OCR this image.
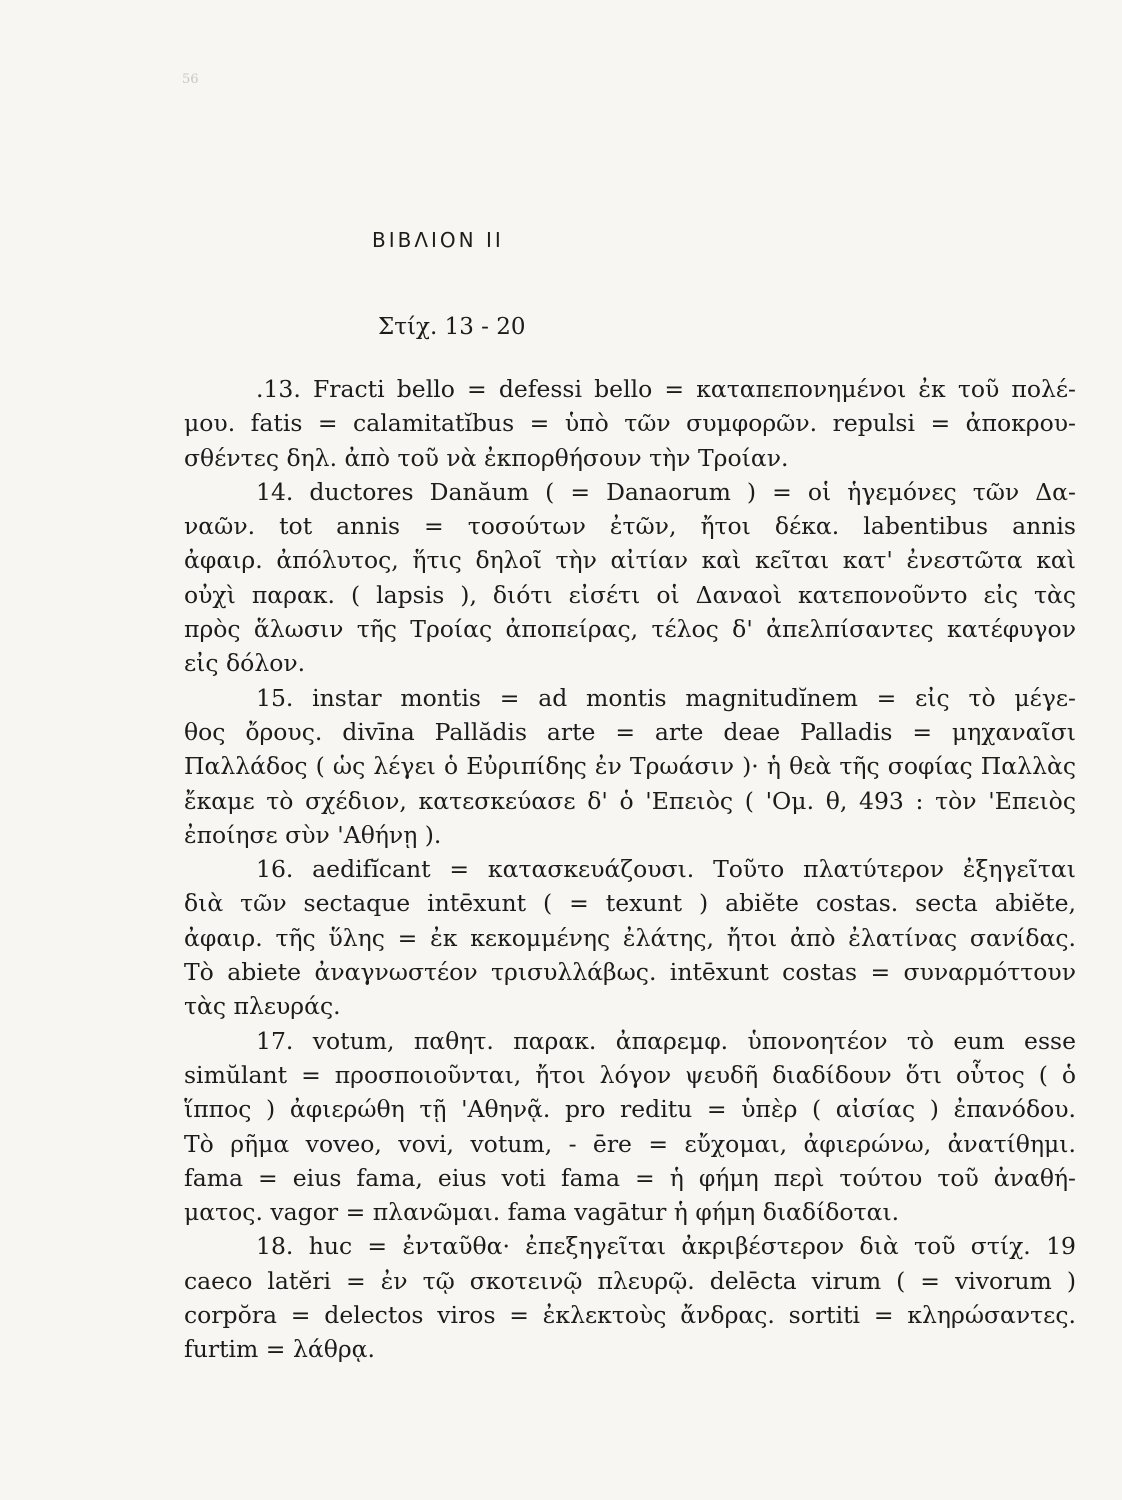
56
ΒΙΒΛΙΟΝ ΙΙ
Στίχ. 13 - 20
.13. Fracti bello = defessi bello = καταπεπονημένοι ἐκ τοῦ πολέ-
μου. fatis = calamitatĭbus = ὑπὸ τῶν συμφορῶν. repulsi = ἀποκρου-
σθέντες δηλ. ἀπὸ τοῦ νὰ ἐκπορθήσουν τὴν Τροίαν.
14. ductores Danăum ( = Danaorum ) = οἱ ἡγεμόνες τῶν Δα-
ναῶν. tot annis = τοσούτων ἐτῶν, ἤτοι δέκα. labentibus annis
ἀφαιρ. ἀπόλυτος, ἥτις δηλοῖ τὴν αἰτίαν καὶ κεῖται κατ' ἐνεστῶτα καὶ
οὐχὶ παρακ. ( lapsis ), διότι εἰσέτι οἱ Δαναοὶ κατεπονοῦντο εἰς τὰς
πρὸς ἅλωσιν τῆς Τροίας ἀποπείρας, τέλος δ' ἀπελπίσαντες κατέφυγον
εἰς δόλον.
15. instar montis = ad montis magnitudĭnem = εἰς τὸ μέγε-
θος ὄρους. divīna Pallădis arte = arte deae Palladis = μηχαναῖσι
Παλλάδος ( ὡς λέγει ὁ Εὐριπίδης ἐν Τρωάσιν )· ἡ θεὰ τῆς σοφίας Παλλὰς
ἔκαμε τὸ σχέδιον, κατεσκεύασε δ' ὁ 'Επειὸς ( 'Ομ. θ, 493 : τὸν 'Επειὸς
ἐποίησε σὺν 'Αθήνῃ ).
16. aedifĭcant = κατασκευάζουσι. Τοῦτο πλατύτερον ἐξηγεῖται
διὰ τῶν sectaque intēxunt ( = texunt ) abiĕte costas. secta abiĕte,
ἀφαιρ. τῆς ὕλης = ἐκ κεκομμένης ἐλάτης, ἤτοι ἀπὸ ἐλατίνας σανίδας.
Τὸ abiete ἀναγνωστέον τρισυλλάβως. intēxunt costas = συναρμόττουν
τὰς πλευράς.
17. votum, παθητ. παρακ. ἀπαρεμφ. ὑπονοητέον τὸ eum esse
simŭlant = προσποιοῦνται, ἤτοι λόγον ψευδῆ διαδίδουν ὅτι οὗτος ( ὁ
ἵππος ) ἀφιερώθη τῇ 'Αθηνᾷ. pro reditu = ὑπὲρ ( αἰσίας ) ἐπανόδου.
Τὸ ρῆμα voveo, vovi, votum, - ēre = εὔχομαι, ἀφιερώνω, ἀνατίθημι.
fama = eius fama, eius voti fama = ἡ φήμη περὶ τούτου τοῦ ἀναθή-
ματος. vagor = πλανῶμαι. fama vagātur ἡ φήμη διαδίδοται.
18. huc = ἐνταῦθα· ἐπεξηγεῖται ἀκριβέστερον διὰ τοῦ στίχ. 19
caeco latĕri = ἐν τῷ σκοτεινῷ πλευρῷ. delēcta virum ( = vivorum )
corpŏra = delectos viros = ἐκλεκτοὺς ἄνδρας. sortiti = κληρώσαντες.
furtim = λάθρᾳ.
